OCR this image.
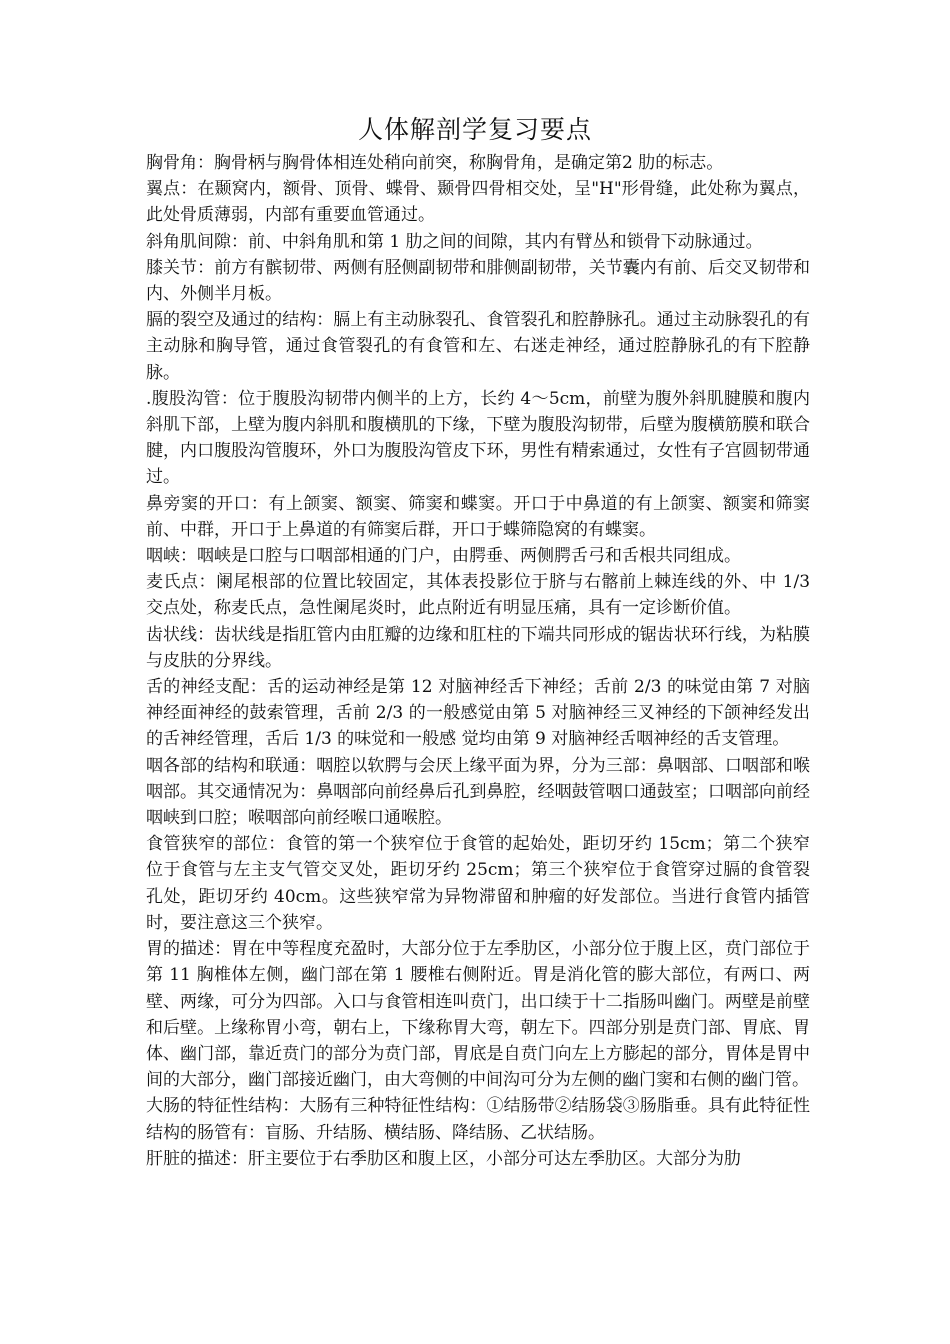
人体解剖学复习要点

胸骨角：胸骨柄与胸骨体相连处稍向前突，称胸骨角，是确定第2 肋的标志。

翼点：在颞窝内，额骨、顶骨、蝶骨、颞骨四骨相交处，呈"H"形骨缝，此处称为翼点，此处骨质薄弱，内部有重要血管通过。

斜角肌间隙：前、中斜角肌和第 1 肋之间的间隙，其内有臂丛和锁骨下动脉通过。

膝关节：前方有髌韧带、两侧有胫侧副韧带和腓侧副韧带，关节囊内有前、后交叉韧带和内、外侧半月板。

膈的裂空及通过的结构：膈上有主动脉裂孔、食管裂孔和腔静脉孔。通过主动脉裂孔的有主动脉和胸导管，通过食管裂孔的有食管和左、右迷走神经，通过腔静脉孔的有下腔静脉。

.腹股沟管：位于腹股沟韧带内侧半的上方，长约 4～5cm，前壁为腹外斜肌腱膜和腹内斜肌下部，上壁为腹内斜肌和腹横肌的下缘，下壁为腹股沟韧带，后壁为腹横筋膜和联合腱，内口腹股沟管腹环，外口为腹股沟管皮下环，男性有精索通过，女性有子宫圆韧带通过。

鼻旁窦的开口：有上颌窦、额窦、筛窦和蝶窦。开口于中鼻道的有上颌窦、额窦和筛窦前、中群，开口于上鼻道的有筛窦后群，开口于蝶筛隐窝的有蝶窦。

咽峡：咽峡是口腔与口咽部相通的门户，由腭垂、两侧腭舌弓和舌根共同组成。

麦氏点：阑尾根部的位置比较固定，其体表投影位于脐与右髂前上棘连线的外、中 1/3 交点处，称麦氏点，急性阑尾炎时，此点附近有明显压痛，具有一定诊断价值。

齿状线：齿状线是指肛管内由肛瓣的边缘和肛柱的下端共同形成的锯齿状环行线，为粘膜与皮肤的分界线。

舌的神经支配：舌的运动神经是第 12 对脑神经舌下神经；舌前 2/3 的味觉由第 7 对脑神经面神经的鼓索管理，舌前 2/3 的一般感觉由第 5 对脑神经三叉神经的下颌神经发出的舌神经管理，舌后 1/3 的味觉和一般感 觉均由第 9 对脑神经舌咽神经的舌支管理。

咽各部的结构和联通：咽腔以软腭与会厌上缘平面为界，分为三部：鼻咽部、口咽部和喉咽部。其交通情况为：鼻咽部向前经鼻后孔到鼻腔，经咽鼓管咽口通鼓室；口咽部向前经咽峡到口腔；喉咽部向前经喉口通喉腔。

食管狭窄的部位：食管的第一个狭窄位于食管的起始处，距切牙约 15cm；第二个狭窄位于食管与左主支气管交叉处，距切牙约 25cm；第三个狭窄位于食管穿过膈的食管裂孔处，距切牙约 40cm。这些狭窄常为异物滞留和肿瘤的好发部位。当进行食管内插管时，要注意这三个狭窄。

胃的描述：胃在中等程度充盈时，大部分位于左季肋区，小部分位于腹上区，贲门部位于第 11 胸椎体左侧，幽门部在第 1 腰椎右侧附近。胃是消化管的膨大部位，有两口、两壁、两缘，可分为四部。入口与食管相连叫贲门，出口续于十二指肠叫幽门。两壁是前壁和后壁。上缘称胃小弯，朝右上，下缘称胃大弯，朝左下。四部分别是贲门部、胃底、胃体、幽门部，靠近贲门的部分为贲门部，胃底是自贲门向左上方膨起的部分，胃体是胃中间的大部分，幽门部接近幽门，由大弯侧的中间沟可分为左侧的幽门窦和右侧的幽门管。

大肠的特征性结构：大肠有三种特征性结构：①结肠带②结肠袋③肠脂垂。具有此特征性结构的肠管有：盲肠、升结肠、横结肠、降结肠、乙状结肠。

肝脏的描述：肝主要位于右季肋区和腹上区，小部分可达左季肋区。大部分为肋
